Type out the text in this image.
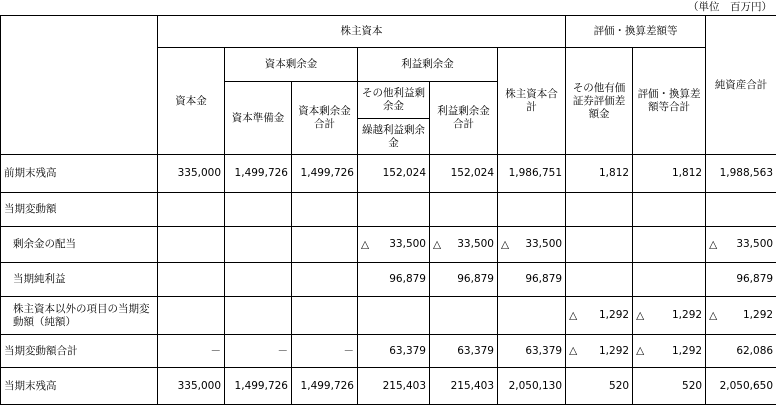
（単位　百万円）
	株主資本						評価・換算差額等		純資産合計
	資本金	資本剰余金		利益剰余金		株主資本合計	その他有価証券評価差額金	評価・換算差額等合計	
		資本準備金	資本剰余金合計	その他利益剰余金	利益剰余金合計				
				繰越利益剰余金					
前期末残高	335,000	1,499,726	1,499,726	152,024	152,024	1,986,751	1,812	1,812	1,988,563
当期変動額									
剰余金の配当				△ 33,500	△ 33,500	△ 33,500			△ 33,500
当期純利益				96,879	96,879	96,879			96,879
株主資本以外の項目の当期変動額（純額）							△ 1,292	△ 1,292	△ 1,292
当期変動額合計	－	－	－	63,379	63,379	63,379	△ 1,292	△ 1,292	62,086
当期末残高	335,000	1,499,726	1,499,726	215,403	215,403	2,050,130	520	520	2,050,650
